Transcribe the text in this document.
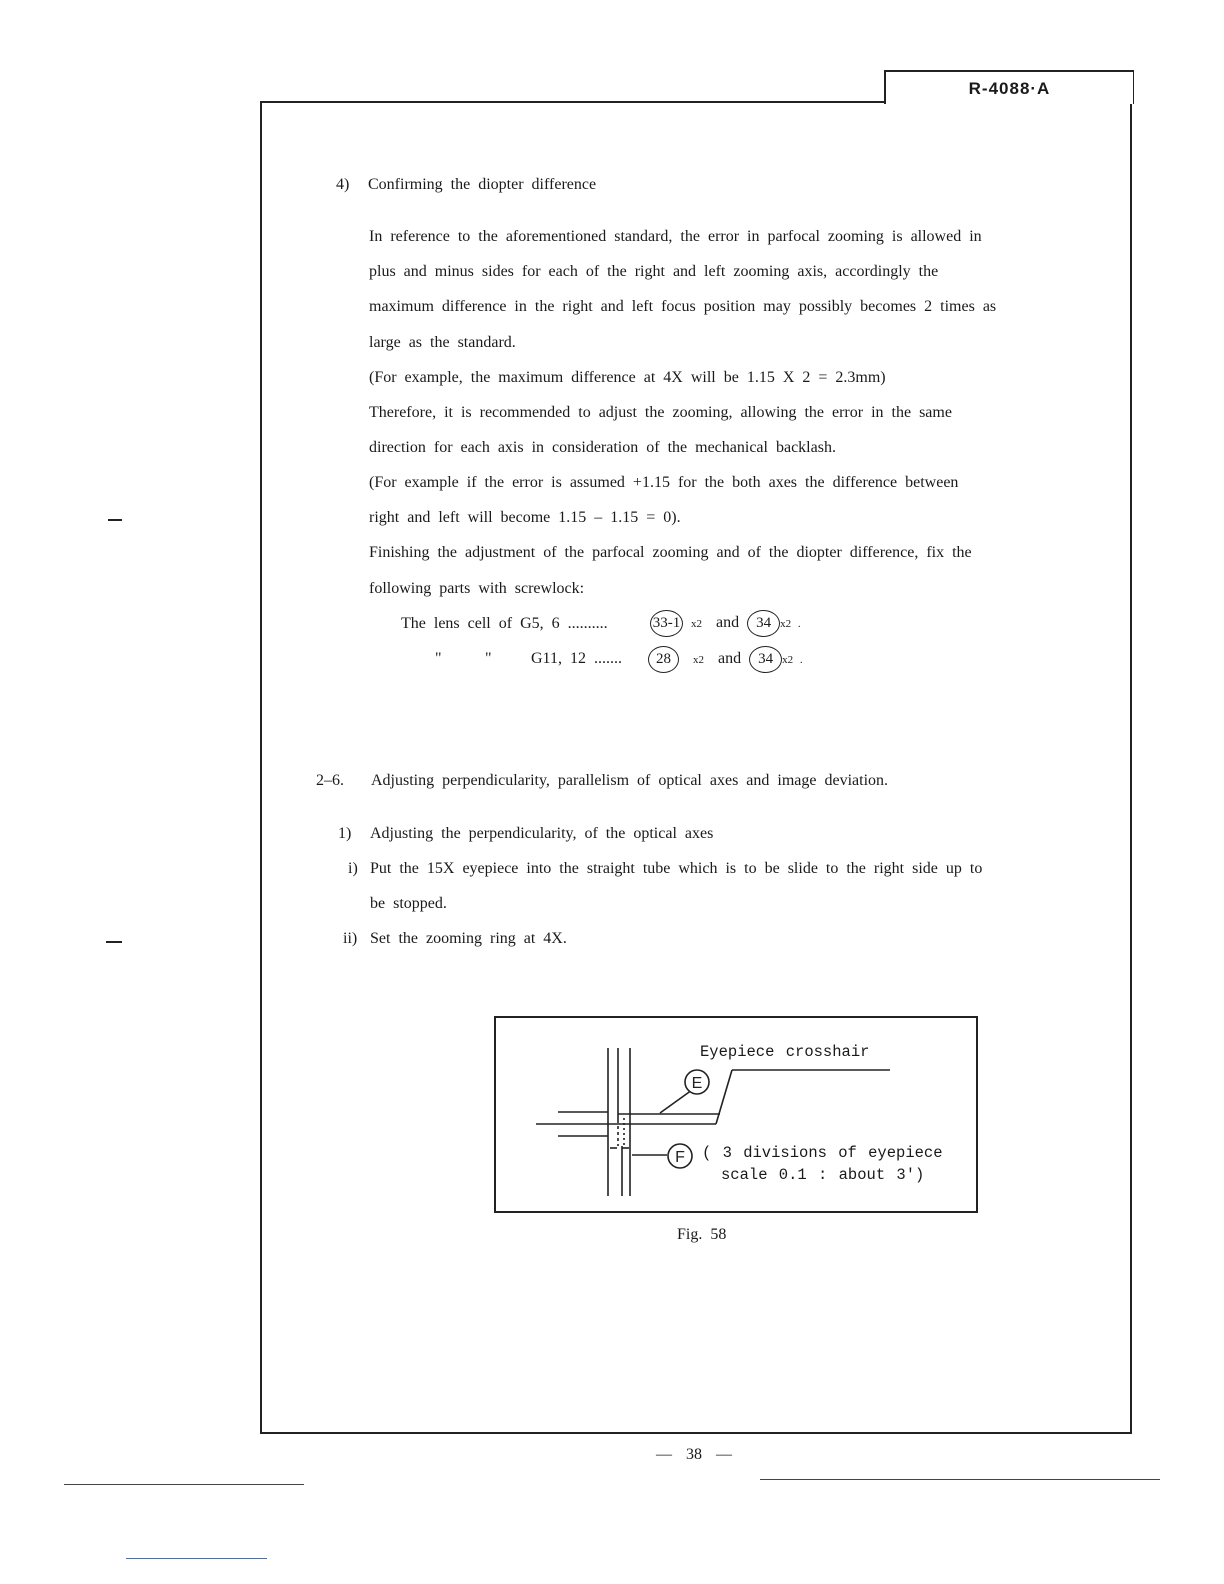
R-4088·A
4) Confirming the diopter difference
In reference to the aforementioned standard, the error in parfocal zooming is allowed in
plus and minus sides for each of the right and left zooming axis, accordingly the
maximum difference in the right and left focus position may possibly becomes 2 times as
large as the standard.
(For example, the maximum difference at 4X will be 1.15 X 2 = 2.3mm)
Therefore, it is recommended to adjust the zooming, allowing the error in the same
direction for each axis in consideration of the mechanical backlash.
(For example if the error is assumed +1.15 for the both axes the difference between
right and left will become 1.15 – 1.15 = 0).
Finishing the adjustment of the parfocal zooming and of the diopter difference, fix the
following parts with screwlock:
The lens cell of G5, 6 ..........	33-1 x2 and 34 x2 .
"	" G11, 12 .......	28 x2 and 34 x2 .
2–6. Adjusting perpendicularity, parallelism of optical axes and image deviation.
1) Adjusting the perpendicularity, of the optical axes
i) Put the 15X eyepiece into the straight tube which is to be slide to the right side up to
be stopped.
ii) Set the zooming ring at 4X.
E
F
Eyepiece crosshair
( 3 divisions of eyepiece
scale 0.1 : about 3')
Fig. 58
— 38 —
